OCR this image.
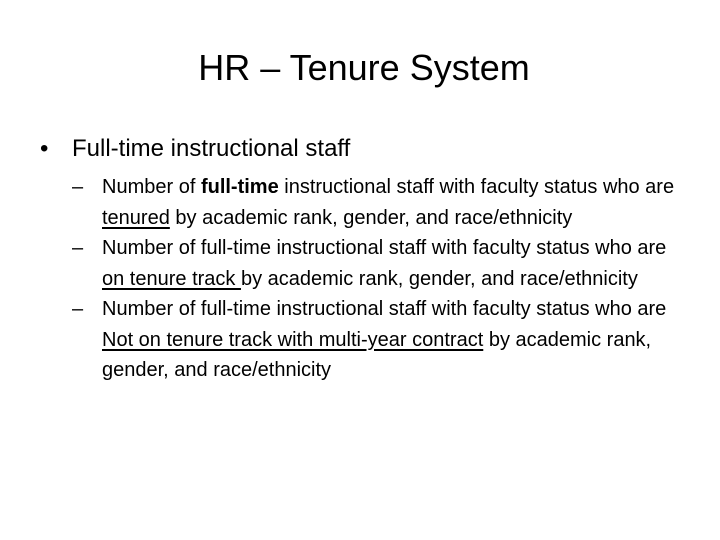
HR – Tenure System
• Full-time instructional staff
– Number of full-time instructional staff with faculty status who are tenured by academic rank, gender, and race/ethnicity
– Number of full-time instructional staff with faculty status who are on tenure track by academic rank, gender, and race/ethnicity
– Number of full-time instructional staff with faculty status who are Not on tenure track with multi-year contract by academic rank, gender, and race/ethnicity
